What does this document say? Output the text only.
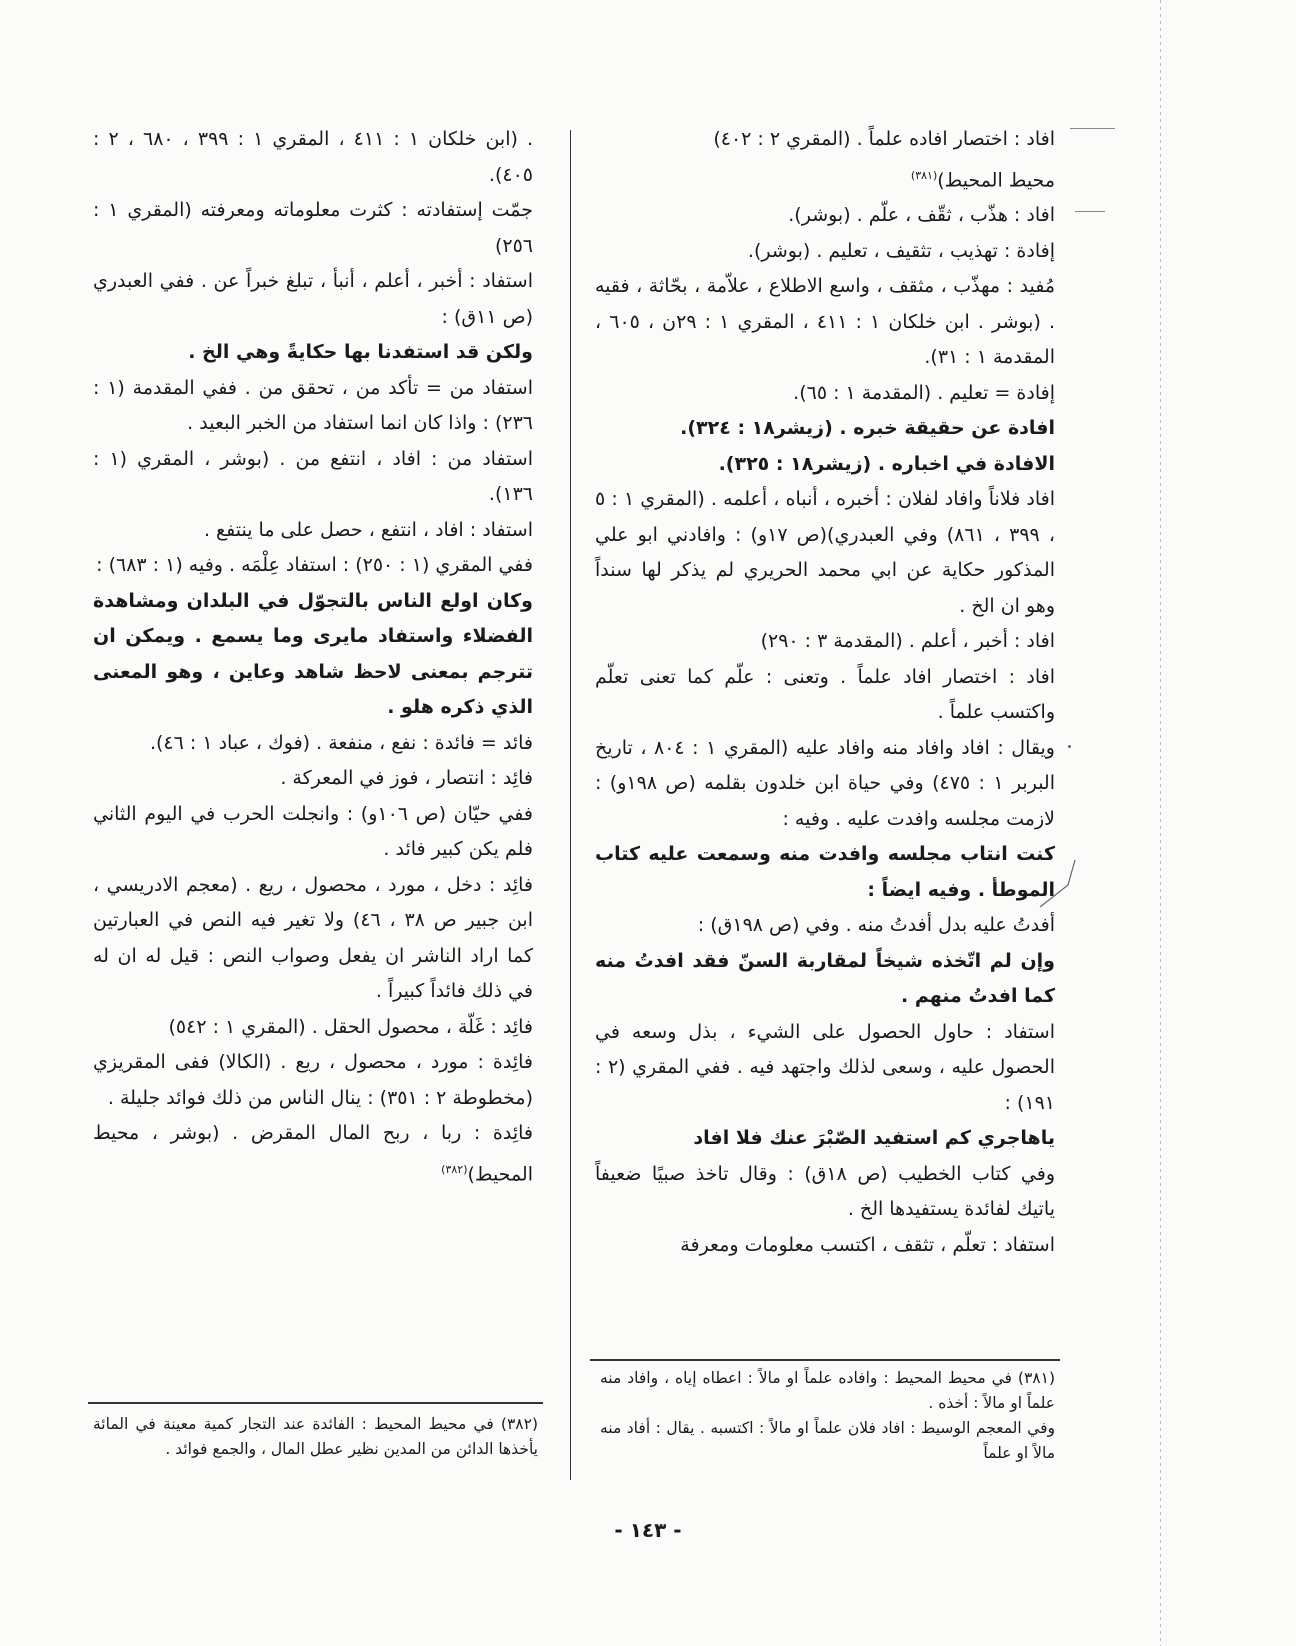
افاد : اختصار افاده علماً . (المقري ٢ : ٤٠٢)

محيط المحيط)$^{(٣٨١)}$

افاد : هذّب ، ثقّف ، علّم . (بوشر).

إفادة : تهذيب ، تثقيف ، تعليم . (بوشر).

مُفيد : مهذّب ، مثقف ، واسع الاطلاع ، علاّمة ، بحّاثة ، فقيه . (بوشر . ابن خلكان ١ : ٤١١ ، المقري ١ : ٢٩ن ، ٦٠٥ ، المقدمة ١ : ٣١).

إفادة = تعليم . (المقدمة ١ : ٦٥).

افادة عن حقيقة خبره . (زيشر١٨ : ٣٢٤).

الافادة في اخباره . (زيشر١٨ : ٣٢٥).

افاد فلاناً وافاد لفلان : أخبره ، أنباه ، أعلمه . (المقري ١ : ٥ ، ٣٩٩ ، ٨٦١) وفي العبدري)(ص ١٧و) : وافادني ابو علي المذكور حكاية عن ابي محمد الحريري لم يذكر لها سنداً وهو ان الخ .

افاد : أخبر ، أعلم . (المقدمة ٣ : ٢٩٠)

افاد : اختصار افاد علماً . وتعنى : علّم كما تعنى تعلّم واكتسب علماً .

ويقال : افاد وافاد منه وافاد عليه (المقري ١ : ٨٠٤ ، تاريخ البربر ١ : ٤٧٥) وفي حياة ابن خلدون بقلمه (ص ١٩٨و) : لازمت مجلسه وافدت عليه . وفيه :

كنت انتاب مجلسه وافدت منه وسمعت عليه كتاب الموطأ . وفيه ايضاً :

أفدتُ عليه بدل أفدتُ منه . وفي (ص ١٩٨ق) :

وإن لم اتّخذه شيخاً لمقاربة السنّ فقد افدتُ منه كما افدتُ منهم .

استفاد : حاول الحصول على الشيء ، بذل وسعه في الحصول عليه ، وسعى لذلك واجتهد فيه . ففي المقري (٢ : ١٩١) :

ياهاجري كم استفيد الصّبْرَ عنك فلا افاد

وفي كتاب الخطيب (ص ١٨ق) : وقال تاخذ صبيًا ضعيفاً ياتيك لفائدة يستفيدها الخ .

استفاد : تعلّم ، تثقف ، اكتسب معلومات ومعرفة

. (ابن خلكان ١ : ٤١١ ، المقري ١ : ٣٩٩ ، ٦٨٠ ، ٢ : ٤٠٥).

جمّت إستفادته : كثرت معلوماته ومعرفته (المقري ١ : ٢٥٦)

استفاد : أخبر ، أعلم ، أنبأ ، تبلغ خبراً عن . ففي العبدري (ص ١١ق) :

ولكن قد استفدنا بها حكايةً وهي الخ .

استفاد من = تأكد من ، تحقق من . ففي المقدمة (١ : ٢٣٦) : واذا كان انما استفاد من الخبر البعيد .

استفاد من : افاد ، انتفع من . (بوشر ، المقري (١ : ١٣٦).

استفاد : افاد ، انتفع ، حصل على ما ينتفع .

ففي المقري (١ : ٢٥٠) : استفاد عِلْمَه . وفيه (١ : ٦٨٣) :

وكان اولع الناس بالتجوّل في البلدان ومشاهدة الفضلاء واستفاد مايرى وما يسمع . ويمكن ان تترجم بمعنى لاحظ شاهد وعاين ، وهو المعنى الذي ذكره هلو .

فائد = فائدة : نفع ، منفعة . (فوك ، عباد ١ : ٤٦).

فائِد : انتصار ، فوز في المعركة .

ففي حيّان (ص ١٠٦و) : وانجلت الحرب في اليوم الثاني فلم يكن كبير فائد .

فائِد : دخل ، مورد ، محصول ، ريع . (معجم الادريسي ، ابن جبير ص ٣٨ ، ٤٦) ولا تغير فيه النص في العبارتين كما اراد الناشر ان يفعل وصواب النص : قيل له ان له في ذلك فائداً كبيراً .

فائِد : غَلّة ، محصول الحقل . (المقري ١ : ٥٤٢)

فائِدة : مورد ، محصول ، ريع . (الكالا) ففى المقريزي (مخطوطة ٢ : ٣٥١) : ينال الناس من ذلك فوائد جليلة .

فائِدة : ربا ، ربح المال المقرض . (بوشر ، محيط المحيط)$^{(٣٨٢)}$

(٣٨١) في محيط المحيط : وافاده علماً او مالاً : اعطاه إياه ، وافاد منه علماً او مالاً : أخذه .

وفي المعجم الوسيط : افاد فلان علماً او مالاً : اكتسبه . يقال : أفاد منه مالاً او علماً

(٣٨٢) في محيط المحيط : الفائدة عند التجار كمية معينة في المائة يأخذها الدائن من المدين نظير عطل المال ، والجمع فوائد .

- ١٤٣ -
